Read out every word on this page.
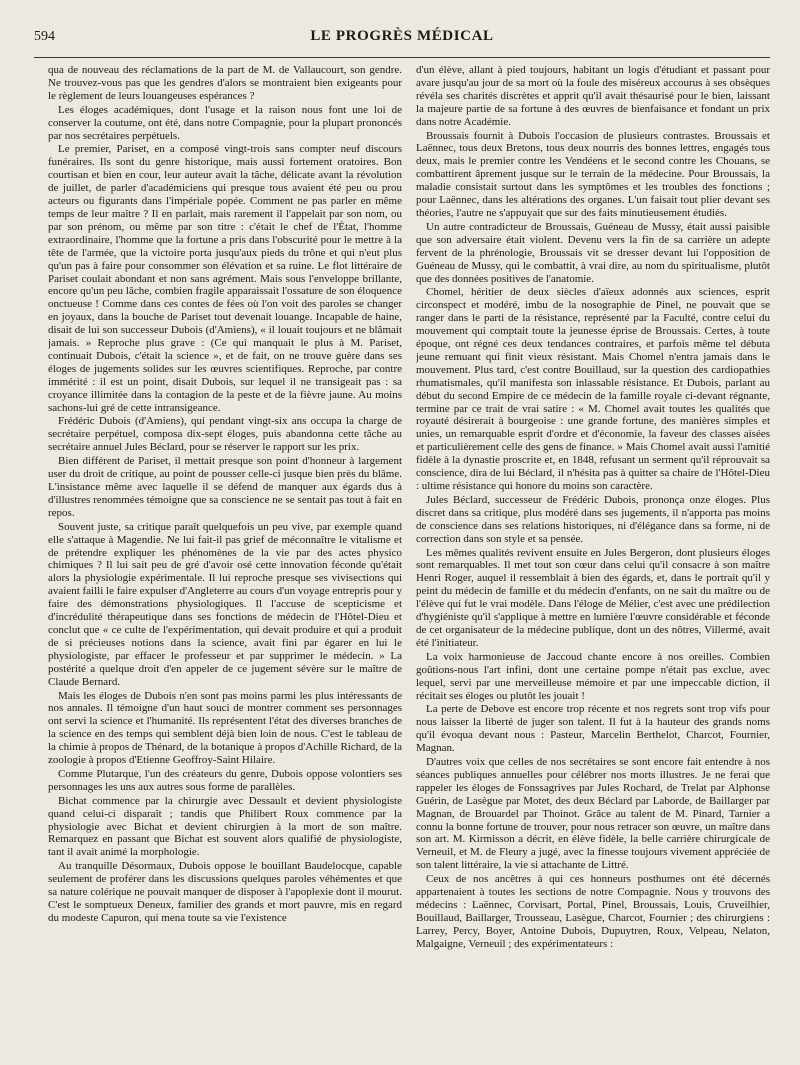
594	LE PROGRÈS MÉDICAL

qua de nouveau des réclamations de la part de M. de Vallaucourt, son gendre. Ne trouvez-vous pas que les gendres d'alors se montraient bien exigeants pour le règlement de leurs louangeuses espérances ?

Les éloges académiques, dont l'usage et la raison nous font une loi de conserver la coutume, ont été, dans notre Compagnie, pour la plupart prononcés par nos secrétaires perpétuels.

Le premier, Pariset, en a composé vingt-trois sans compter neuf discours funéraires. Ils sont du genre historique, mais aussi fortement oratoires. Bon courtisan et bien en cour, leur auteur avait la tâche, délicate avant la révolution de juillet, de parler d'académiciens qui presque tous avaient été peu ou prou acteurs ou figurants dans l'impériale popée. Comment ne pas parler en même temps de leur maître ? Il en parlait, mais rarement il l'appelait par son nom, ou par son prénom, ou même par son titre : c'était le chef de l'État, l'homme extraordinaire, l'homme que la fortune a pris dans l'obscurité pour le mettre à la tête de l'armée, que la victoire porta jusqu'aux pieds du trône et qui n'eut plus qu'un pas à faire pour consommer son élévation et sa ruine. Le flot littéraire de Pariset coulait abondant et non sans agrément. Mais sous l'enveloppe brillante, encore qu'un peu lâche, combien fragile apparaissait l'ossature de son éloquence onctueuse ! Comme dans ces contes de fées où l'on voit des paroles se changer en joyaux, dans la bouche de Pariset tout devenait louange. Incapable de haine, disait de lui son successeur Dubois (d'Amiens), « il louait toujours et ne blâmait jamais. » Reproche plus grave : (Ce qui manquait le plus à M. Pariset, continuait Dubois, c'était la science », et de fait, on ne trouve guère dans ses éloges de jugements solides sur les œuvres scientifiques. Reproche, par contre immérité : il est un point, disait Dubois, sur lequel il ne transigeait pas : sa croyance illimitée dans la contagion de la peste et de la fièvre jaune. Au moins sachons-lui gré de cette intransigeance.

Frédéric Dubois (d'Amiens), qui pendant vingt-six ans occupa la charge de secrétaire perpétuel, composa dix-sept éloges, puis abandonna cette tâche au secrétaire annuel Jules Béclard, pour se réserver le rapport sur les prix.

Bien différent de Pariset, il mettait presque son point d'honneur à largement user du droit de critique, au point de pousser celle-ci jusque bien près du blâme. L'insistance même avec laquelle il se défend de manquer aux égards dus à d'illustres renommées témoigne que sa conscience ne se sentait pas tout à fait en repos.

Souvent juste, sa critique paraît quelquefois un peu vive, par exemple quand elle s'attaque à Magendie. Ne lui fait-il pas grief de méconnaître le vitalisme et de prétendre expliquer les phénomènes de la vie par des actes physico chimiques ? Il lui sait peu de gré d'avoir osé cette innovation féconde qu'était alors la physiologie expérimentale. Il lui reproche presque ses vivisections qui avaient failli le faire expulser d'Angleterre au cours d'un voyage entrepris pour y faire des démonstrations physiologiques. Il l'accuse de scepticisme et d'incrédulité thérapeutique dans ses fonctions de médecin de l'Hôtel-Dieu et conclut que « ce culte de l'expérimentation, qui devait produire et qui a produit de si précieuses notions dans la science, avait fini par égarer en lui le physiologiste, par effacer le professeur et par supprimer le médecin. » La postérité a quelque droit d'en appeler de ce jugement sévère sur le maître de Claude Bernard.

Mais les éloges de Dubois n'en sont pas moins parmi les plus intéressants de nos annales. Il témoigne d'un haut souci de montrer comment ses personnages ont servi la science et l'humanité. Ils représentent l'état des diverses branches de la science en des temps qui semblent déjà bien loin de nous. C'est le tableau de la chimie à propos de Thénard, de la botanique à propos d'Achille Richard, de la zoologie à propos d'Etienne Geoffroy-Saint Hilaire.

Comme Plutarque, l'un des créateurs du genre, Dubois oppose volontiers ses personnages les uns aux autres sous forme de parallèles.

Bichat commence par la chirurgie avec Dessault et devient physiologiste quand celui-ci disparaît ; tandis que Philibert Roux commence par la physiologie avec Bichat et devient chirurgien à la mort de son maître. Remarquez en passant que Bichat est souvent alors qualifié de physiologiste, tant il avait animé la morphologie.

Au tranquille Désormaux, Dubois oppose le bouillant Baudelocque, capable seulement de proférer dans les discussions quelques paroles véhémentes et que sa nature colérique ne pouvait manquer de disposer à l'apoplexie dont il mourut. C'est le somptueux Deneux, familier des grands et mort pauvre, mis en regard du modeste Capuron, qui mena toute sa vie l'existence

d'un élève, allant à pied toujours, habitant un logis d'étudiant et passant pour avare jusqu'au jour de sa mort où la foule des miséreux accourus à ses obsèques révéla ses charités discrètes et apprit qu'il avait thésaurisé pour le bien, laissant la majeure partie de sa fortune à des œuvres de bienfaisance et fondant un prix dans notre Académie.

Broussais fournit à Dubois l'occasion de plusieurs contrastes. Broussais et Laënnec, tous deux Bretons, tous deux nourris des bonnes lettres, engagés tous deux, mais le premier contre les Vendéens et le second contre les Chouans, se combattirent âprement jusque sur le terrain de la médecine. Pour Broussais, la maladie consistait surtout dans les symptômes et les troubles des fonctions ; pour Laënnec, dans les altérations des organes. L'un faisait tout plier devant ses théories, l'autre ne s'appuyait que sur des faits minutieusement étudiés.

Un autre contradicteur de Broussais, Guéneau de Mussy, était aussi paisible que son adversaire était violent. Devenu vers la fin de sa carrière un adepte fervent de la phrénologie, Broussais vit se dresser devant lui l'opposition de Guéneau de Mussy, qui le combattit, à vrai dire, au nom du spiritualisme, plutôt que des données positives de l'anatomie.

Chomel, héritier de deux siècles d'aïeux adonnés aux sciences, esprit circonspect et modéré, imbu de la nosographie de Pinel, ne pouvait que se ranger dans le parti de la résistance, représenté par la Faculté, contre celui du mouvement qui comptait toute la jeunesse éprise de Broussais. Certes, à toute époque, ont régné ces deux tendances contraires, et parfois même tel débuta jeune remuant qui finit vieux résistant. Mais Chomel n'entra jamais dans le mouvement. Plus tard, c'est contre Bouillaud, sur la question des cardiopathies rhumatismales, qu'il manifesta son inlassable résistance. Et Dubois, parlant au début du second Empire de ce médecin de la famille royale ci-devant régnante, termine par ce trait de vrai satire : « M. Chomel avait toutes les qualités que royauté désirerait à bourgeoise : une grande fortune, des manières simples et unies, un remarquable esprit d'ordre et d'économie, la faveur des classes aisées et particulièrement celle des gens de finance. » Mais Chomel avait aussi l'amitié fidèle à la dynastie proscrite et, en 1848, refusant un serment qu'il réprouvait sa conscience, dira de lui Béclard, il n'hésita pas à quitter sa chaire de l'Hôtel-Dieu : ultime résistance qui honore du moins son caractère.

Jules Béclard, successeur de Frédéric Dubois, prononça onze éloges. Plus discret dans sa critique, plus modéré dans ses jugements, il n'apporta pas moins de conscience dans ses relations historiques, ni d'élégance dans sa forme, ni de correction dans son style et sa pensée.

Les mêmes qualités revivent ensuite en Jules Bergeron, dont plusieurs éloges sont remarquables. Il met tout son cœur dans celui qu'il consacre à son maître Henri Roger, auquel il ressemblait à bien des égards, et, dans le portrait qu'il y peint du médecin de famille et du médecin d'enfants, on ne sait du maître ou de l'élève qui fut le vrai modèle. Dans l'éloge de Mélier, c'est avec une prédilection d'hygiéniste qu'il s'applique à mettre en lumière l'œuvre considérable et féconde de cet organisateur de la médecine publique, dont un des nôtres, Villermé, avait été l'initiateur.

La voix harmonieuse de Jaccoud chante encore à nos oreilles. Combien goûtions-nous l'art infini, dont une certaine pompe n'était pas exclue, avec lequel, servi par une merveilleuse mémoire et par une impeccable diction, il récitait ses éloges ou plutôt les jouait !

La perte de Debove est encore trop récente et nos regrets sont trop vifs pour nous laisser la liberté de juger son talent. Il fut à la hauteur des grands noms qu'il évoqua devant nous : Pasteur, Marcelin Berthelot, Charcot, Fournier, Magnan.

D'autres voix que celles de nos secrétaires se sont encore fait entendre à nos séances publiques annuelles pour célébrer nos morts illustres. Je ne ferai que rappeler les éloges de Fonssagrives par Jules Rochard, de Trelat par Alphonse Guérin, de Lasègue par Motet, des deux Béclard par Laborde, de Baillarger par Magnan, de Brouardel par Thoinot. Grâce au talent de M. Pinard, Tarnier a connu la bonne fortune de trouver, pour nous retracer son œuvre, un maître dans son art. M. Kirmisson a décrit, en élève fidèle, la belle carrière chirurgicale de Verneuil, et M. de Fleury a jugé, avec la finesse toujours vivement appréciée de son talent littéraire, la vie si attachante de Littré.

Ceux de nos ancêtres à qui ces honneurs posthumes ont été décernés appartenaient à toutes les sections de notre Compagnie. Nous y trouvons des médecins : Laënnec, Corvisart, Portal, Pinel, Broussais, Louis, Cruveilhier, Bouillaud, Baillarger, Trousseau, Lasègue, Charcot, Fournier ; des chirurgiens : Larrey, Percy, Boyer, Antoine Dubois, Dupuytren, Roux, Velpeau, Nelaton, Malgaigne, Verneuil ; des expérimentateurs :
